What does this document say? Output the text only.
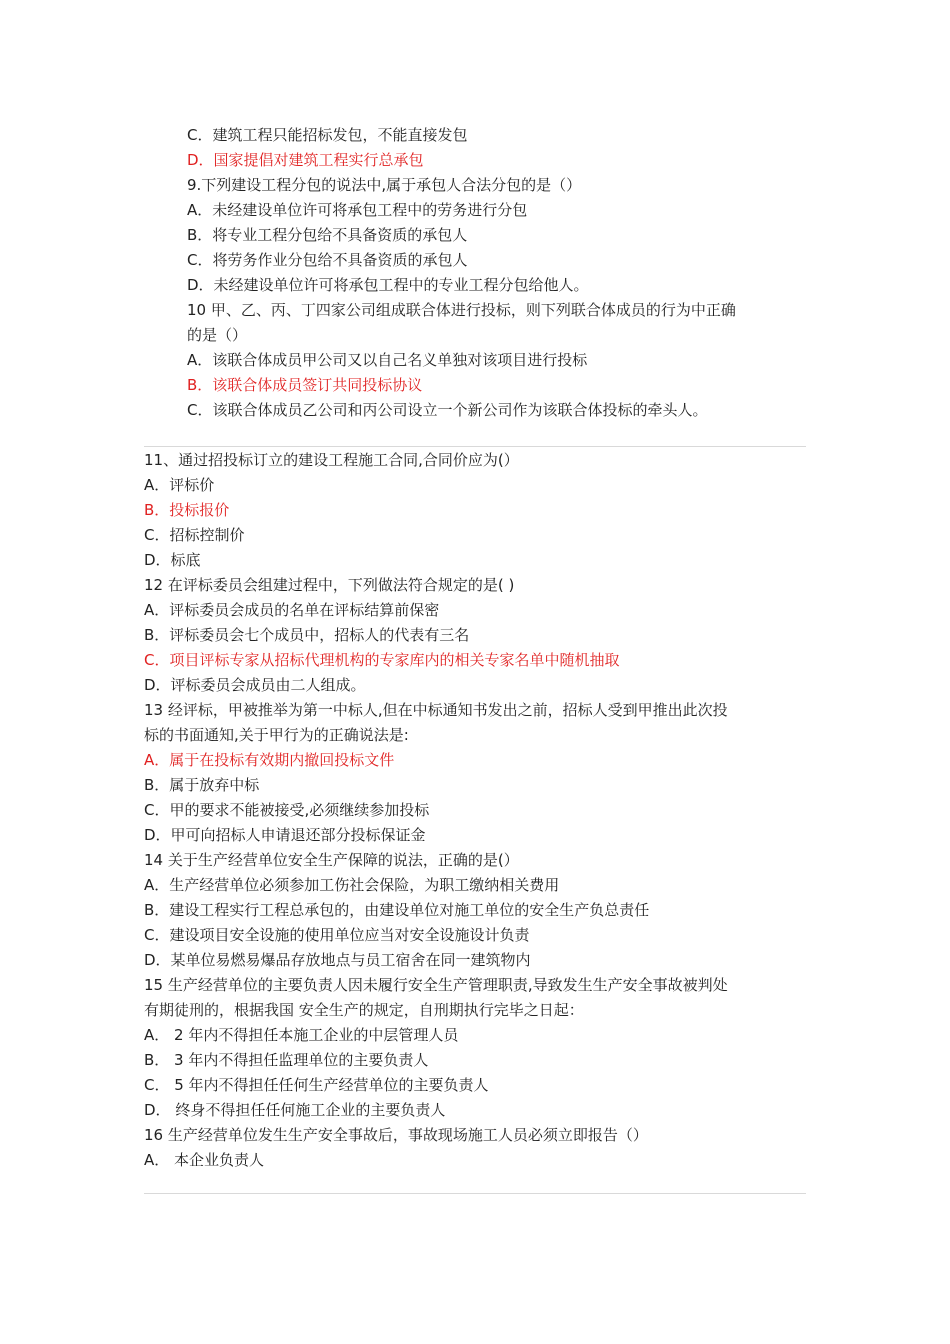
C．建筑工程只能招标发包，不能直接发包
D．国家提倡对建筑工程实行总承包
9.下列建设工程分包的说法中,属于承包人合法分包的是（）
A．未经建设单位许可将承包工程中的劳务进行分包
B．将专业工程分包给不具备资质的承包人
C．将劳务作业分包给不具备资质的承包人
D．未经建设单位许可将承包工程中的专业工程分包给他人。
10 甲、乙、丙、丁四家公司组成联合体进行投标，则下列联合体成员的行为中正确
的是（）
A．该联合体成员甲公司又以自己名义单独对该项目进行投标
B．该联合体成员签订共同投标协议
C．该联合体成员乙公司和丙公司设立一个新公司作为该联合体投标的牵头人。
11、通过招投标订立的建设工程施工合同,合同价应为(）
A．评标价
B．投标报价
C．招标控制价
D．标底
12 在评标委员会组建过程中，下列做法符合规定的是( )
A．评标委员会成员的名单在评标结算前保密
B．评标委员会七个成员中，招标人的代表有三名
C．项目评标专家从招标代理机构的专家库内的相关专家名单中随机抽取
D．评标委员会成员由二人组成。
13 经评标，甲被推举为第一中标人,但在中标通知书发出之前，招标人受到甲推出此次投
标的书面通知,关于甲行为的正确说法是:
A．属于在投标有效期内撤回投标文件
B．属于放弃中标
C．甲的要求不能被接受,必须继续参加投标
D．甲可向招标人申请退还部分投标保证金
14 关于生产经营单位安全生产保障的说法，正确的是(）
A．生产经营单位必须参加工伤社会保险，为职工缴纳相关费用
B．建设工程实行工程总承包的，由建设单位对施工单位的安全生产负总责任
C．建设项目安全设施的使用单位应当对安全设施设计负责
D．某单位易燃易爆品存放地点与员工宿舍在同一建筑物内
15 生产经营单位的主要负责人因未履行安全生产管理职责,导致发生生产安全事故被判处
有期徒刑的，根据我国 安全生产的规定，自刑期执行完毕之日起：
A． 2 年内不得担任本施工企业的中层管理人员
B． 3 年内不得担任监理单位的主要负责人
C． 5 年内不得担任任何生产经营单位的主要负责人
D． 终身不得担任任何施工企业的主要负责人
16 生产经营单位发生生产安全事故后，事故现场施工人员必须立即报告（）
A． 本企业负责人
